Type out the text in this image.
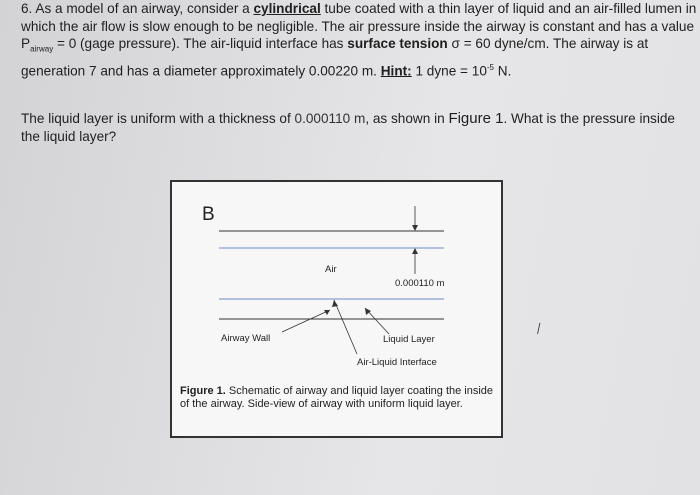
6. As a model of an airway, consider a cylindrical tube coated with a thin layer of liquid and an air-filled lumen in which the air flow is slow enough to be negligible. The air pressure inside the airway is constant and has a value $P_{airway} = 0$ (gage pressure). The air-liquid interface has surface tension σ = 60 dyne/cm. The airway is at generation 7 and has a diameter approximately 0.00220 m. Hint: 1 dyne = $10^{-5}$ N.
The liquid layer is uniform with a thickness of 0.000110 m, as shown in Figure 1. What is the pressure inside the liquid layer?
B
Air
0.000110 m
Airway Wall	Liquid Layer
Air-Liquid Interface
Figure 1. Schematic of airway and liquid layer coating the inside of the airway. Side-view of airway with uniform liquid layer.
⁄
